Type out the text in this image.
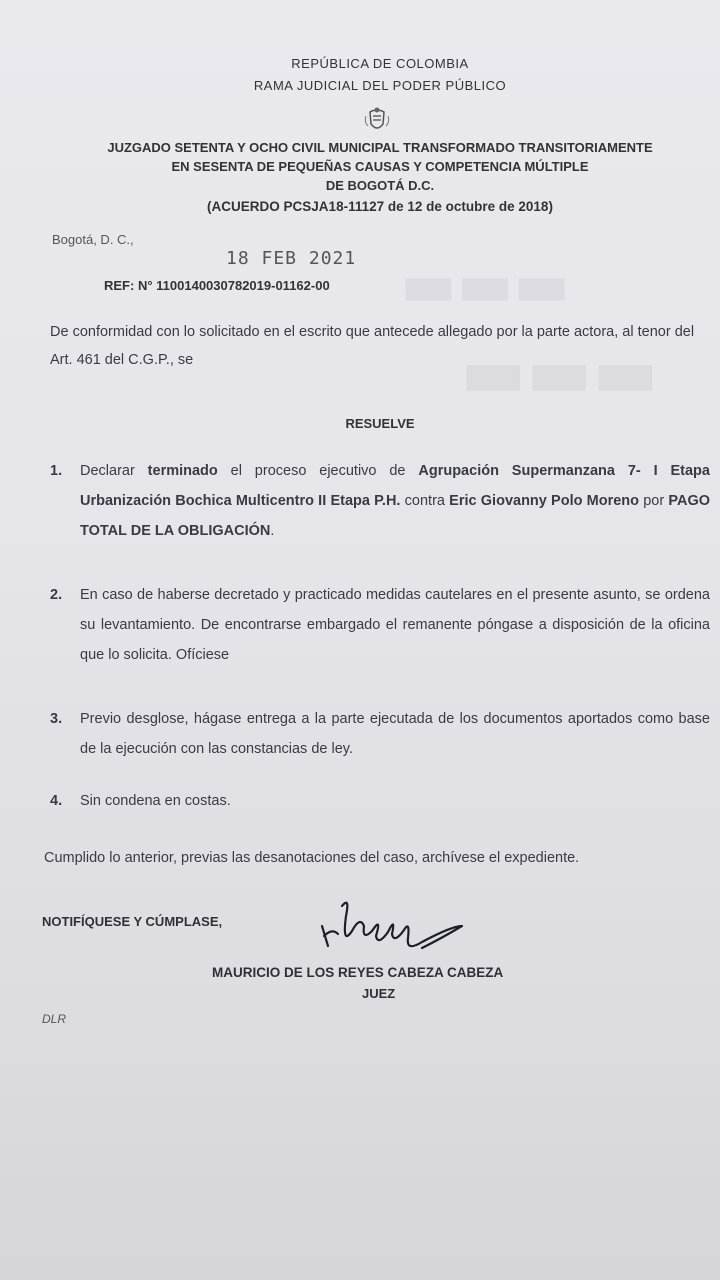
▬▬▬
▬▬▬
REPÚBLICA DE COLOMBIA
RAMA JUDICIAL DEL PODER PÚBLICO
JUZGADO SETENTA Y OCHO CIVIL MUNICIPAL TRANSFORMADO TRANSITORIAMENTE
EN SESENTA DE PEQUEÑAS CAUSAS Y COMPETENCIA MÚLTIPLE
DE BOGOTÁ D.C.
(ACUERDO PCSJA18-11127 de 12 de octubre de 2018)
Bogotá, D. C.,
18 FEB 2021
REF: N° 1100140030782019-01162-00
De conformidad con lo solicitado en el escrito que antecede allegado por la parte actora, al tenor del Art. 461 del C.G.P., se
RESUELVE
1. Declarar terminado el proceso ejecutivo de Agrupación Supermanzana 7- I Etapa Urbanización Bochica Multicentro II Etapa P.H. contra Eric Giovanny Polo Moreno por PAGO TOTAL DE LA OBLIGACIÓN.
2. En caso de haberse decretado y practicado medidas cautelares en el presente asunto, se ordena su levantamiento. De encontrarse embargado el remanente póngase a disposición de la oficina que lo solicita. Ofíciese
3. Previo desglose, hágase entrega a la parte ejecutada de los documentos aportados como base de la ejecución con las constancias de ley.
4. Sin condena en costas.
Cumplido lo anterior, previas las desanotaciones del caso, archívese el expediente.
NOTIFÍQUESE Y CÚMPLASE,
MAURICIO DE LOS REYES CABEZA CABEZA
JUEZ
DLR
